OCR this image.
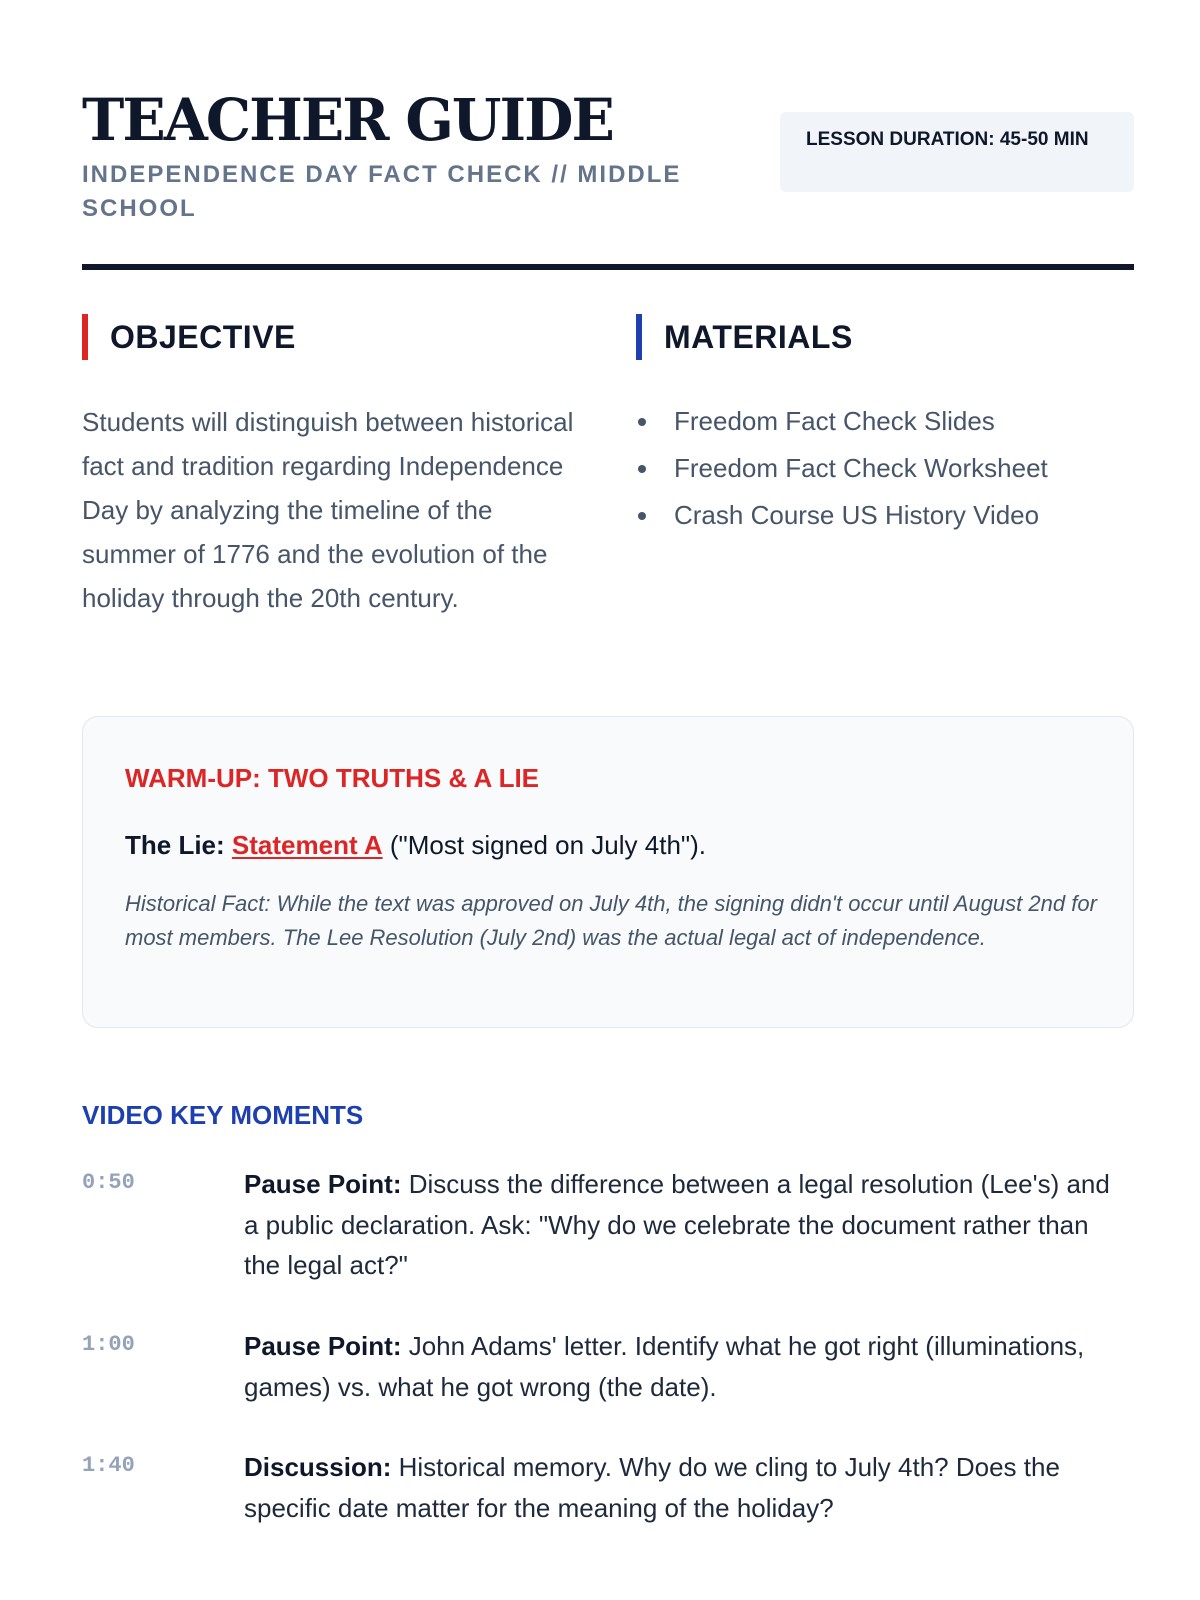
TEACHER GUIDE
INDEPENDENCE DAY FACT CHECK // MIDDLE SCHOOL
LESSON DURATION: 45-50 MIN
OBJECTIVE

Students will distinguish between historical fact and tradition regarding Independence Day by analyzing the timeline of the summer of 1776 and the evolution of the holiday through the 20th century.

MATERIALS
Freedom Fact Check Slides
Freedom Fact Check Worksheet
Crash Course US History Video
WARM-UP: TWO TRUTHS & A LIE
The Lie: Statement A ("Most signed on July 4th").
Historical Fact: While the text was approved on July 4th, the signing didn't occur until August 2nd for most members. The Lee Resolution (July 2nd) was the actual legal act of independence.
VIDEO KEY MOMENTS
0:50	Pause Point: Discuss the difference between a legal resolution (Lee's) and a public declaration. Ask: "Why do we celebrate the document rather than the legal act?"
1:00	Pause Point: John Adams' letter. Identify what he got right (illuminations, games) vs. what he got wrong (the date).
1:40	Discussion: Historical memory. Why do we cling to July 4th? Does the specific date matter for the meaning of the holiday?
